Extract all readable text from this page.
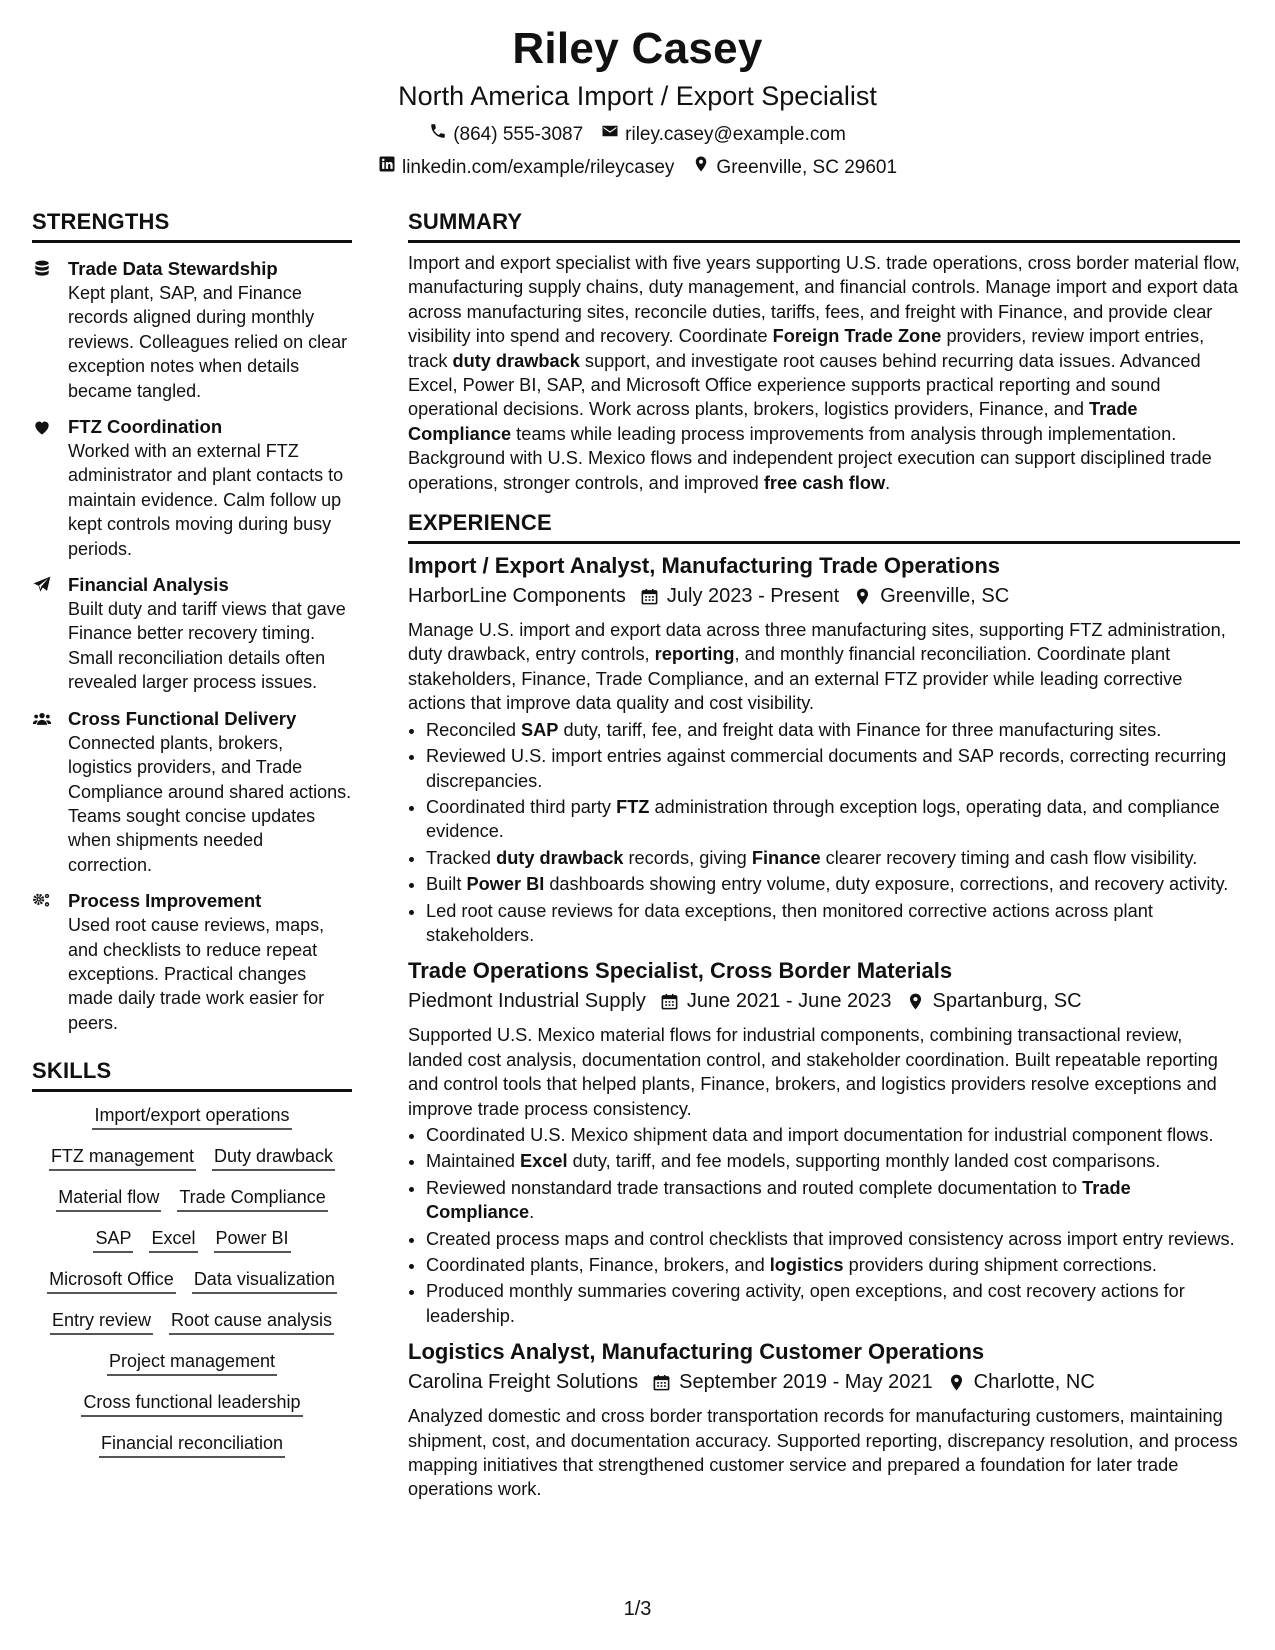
Riley Casey
North America Import / Export Specialist
(864) 555-3087 riley.casey@example.com
linkedin.com/example/rileycasey Greenville, SC 29601
STRENGTHS
Trade Data Stewardship
Kept plant, SAP, and Finance records aligned during monthly reviews. Colleagues relied on clear exception notes when details became tangled.
FTZ Coordination
Worked with an external FTZ administrator and plant contacts to maintain evidence. Calm follow up kept controls moving during busy periods.
Financial Analysis
Built duty and tariff views that gave Finance better recovery timing. Small reconciliation details often revealed larger process issues.
Cross Functional Delivery
Connected plants, brokers, logistics providers, and Trade Compliance around shared actions. Teams sought concise updates when shipments needed correction.
Process Improvement
Used root cause reviews, maps, and checklists to reduce repeat exceptions. Practical changes made daily trade work easier for peers.
SKILLS
Import/export operations
FTZ management Duty drawback
Material flow Trade Compliance
SAP Excel Power BI
Microsoft Office Data visualization
Entry review Root cause analysis
Project management
Cross functional leadership
Financial reconciliation
SUMMARY

Import and export specialist with five years supporting U.S. trade operations, cross border material flow, manufacturing supply chains, duty management, and financial controls. Manage import and export data across manufacturing sites, reconcile duties, tariffs, fees, and freight with Finance, and provide clear visibility into spend and recovery. Coordinate Foreign Trade Zone providers, review import entries, track duty drawback support, and investigate root causes behind recurring data issues. Advanced Excel, Power BI, SAP, and Microsoft Office experience supports practical reporting and sound operational decisions. Work across plants, brokers, logistics providers, Finance, and Trade Compliance teams while leading process improvements from analysis through implementation. Background with U.S. Mexico flows and independent project execution can support disciplined trade operations, stronger controls, and improved free cash flow.

EXPERIENCE
Import / Export Analyst, Manufacturing Trade Operations
HarborLine Components July 2023 - Present Greenville, SC

Manage U.S. import and export data across three manufacturing sites, supporting FTZ administration, duty drawback, entry controls, reporting, and monthly financial reconciliation. Coordinate plant stakeholders, Finance, Trade Compliance, and an external FTZ provider while leading corrective actions that improve data quality and cost visibility.

• Reconciled SAP duty, tariff, fee, and freight data with Finance for three manufacturing sites.
• Reviewed U.S. import entries against commercial documents and SAP records, correcting recurring discrepancies.
• Coordinated third party FTZ administration through exception logs, operating data, and compliance evidence.
• Tracked duty drawback records, giving Finance clearer recovery timing and cash flow visibility.
• Built Power BI dashboards showing entry volume, duty exposure, corrections, and recovery activity.
• Led root cause reviews for data exceptions, then monitored corrective actions across plant stakeholders.
Trade Operations Specialist, Cross Border Materials
Piedmont Industrial Supply June 2021 - June 2023 Spartanburg, SC

Supported U.S. Mexico material flows for industrial components, combining transactional review, landed cost analysis, documentation control, and stakeholder coordination. Built repeatable reporting and control tools that helped plants, Finance, brokers, and logistics providers resolve exceptions and improve trade process consistency.

• Coordinated U.S. Mexico shipment data and import documentation for industrial component flows.
• Maintained Excel duty, tariff, and fee models, supporting monthly landed cost comparisons.
• Reviewed nonstandard trade transactions and routed complete documentation to Trade Compliance.
• Created process maps and control checklists that improved consistency across import entry reviews.
• Coordinated plants, Finance, brokers, and logistics providers during shipment corrections.
• Produced monthly summaries covering activity, open exceptions, and cost recovery actions for leadership.
Logistics Analyst, Manufacturing Customer Operations
Carolina Freight Solutions September 2019 - May 2021 Charlotte, NC

Analyzed domestic and cross border transportation records for manufacturing customers, maintaining shipment, cost, and documentation accuracy. Supported reporting, discrepancy resolution, and process mapping initiatives that strengthened customer service and prepared a foundation for later trade operations work.

1/3
